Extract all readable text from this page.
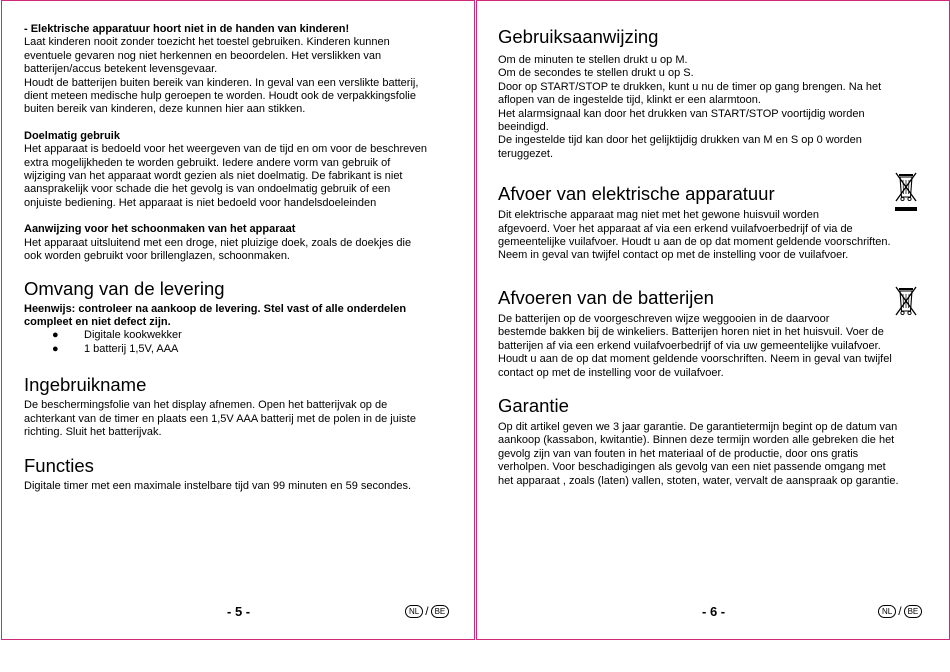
- Elektrische apparatuur hoort niet in de handen van kinderen!

Laat kinderen nooit zonder toezicht het toestel gebruiken. Kinderen kunnen

eventuele gevaren nog niet herkennen en beoordelen. Het verslikken van

batterijen/accus betekent levensgevaar.

Houdt de batterijen buiten bereik van kinderen. In geval van een verslikte batterij,

dient meteen medische hulp geroepen te worden. Houdt ook de verpakkingsfolie

buiten bereik van kinderen, deze kunnen hier aan stikken.

Doelmatig gebruik

Het apparaat is bedoeld voor het weergeven van de tijd en om voor de beschreven

extra mogelijkheden te worden gebruikt. Iedere andere vorm van gebruik of

wijziging van het apparaat wordt gezien als niet doelmatig. De fabrikant is niet

aansprakelijk voor schade die het gevolg is van ondoelmatig gebruik of een

onjuiste bediening. Het apparaat is niet bedoeld voor handelsdoeleinden

Aanwijzing voor het schoonmaken van het apparaat

Het apparaat uitsluitend met een droge, niet pluizige doek, zoals de doekjes die

ook worden gebruikt voor brillenglazen, schoonmaken.

Omvang van de levering

Heenwijs: controleer na aankoop de levering. Stel vast of alle onderdelen

compleet en niet defect zijn.

● Digitale kookwekker
● 1 batterij 1,5V, AAA
Ingebruikname

De beschermingsfolie van het display afnemen. Open het batterijvak op de

achterkant van de timer en plaats een 1,5V AAA batterij met de polen in de juiste

richting. Sluit het batterijvak.

Functies

Digitale timer met een maximale instelbare tijd van 99 minuten en 59 secondes.

- 5 -	NL / BE
Gebruiksaanwijzing

Om de minuten te stellen drukt u op M.

Om de secondes te stellen drukt u op S.

Door op START/STOP te drukken, kunt u nu de timer op gang brengen. Na het

aflopen van de ingestelde tijd, klinkt er een alarmtoon.

Het alarmsignaal kan door het drukken van START/STOP voortijdig worden

beeindigd.

De ingestelde tijd kan door het gelijktijdig drukken van M en S op 0 worden

teruggezet.

Afvoer van elektrische apparatuur

Dit elektrische apparaat mag niet met het gewone huisvuil worden

afgevoerd. Voer het apparaat af via een erkend vuilafvoerbedrijf of via de

gemeentelijke vuilafvoer. Houdt u aan de op dat moment geldende voorschriften.

Neem in geval van twijfel contact op met de instelling voor de vuilafvoer.

Afvoeren van de batterijen

De batterijen op de voorgeschreven wijze weggooien in de daarvoor

bestemde bakken bij de winkeliers. Batterijen horen niet in het huisvuil. Voer de

batterijen af via een erkend vuilafvoerbedrijf of via uw gemeentelijke vuilafvoer.

Houdt u aan de op dat moment geldende voorschriften. Neem in geval van twijfel

contact op met de instelling voor de vuilafvoer.

Garantie

Op dit artikel geven we 3 jaar garantie. De garantietermijn begint op de datum van

aankoop (kassabon, kwitantie). Binnen deze termijn worden alle gebreken die het

gevolg zijn van van fouten in het materiaal of de productie, door ons gratis

verholpen. Voor beschadigingen als gevolg van een niet passende omgang met

het apparaat , zoals (laten) vallen, stoten, water, vervalt de aanspraak op garantie.

- 6 -	NL / BE
